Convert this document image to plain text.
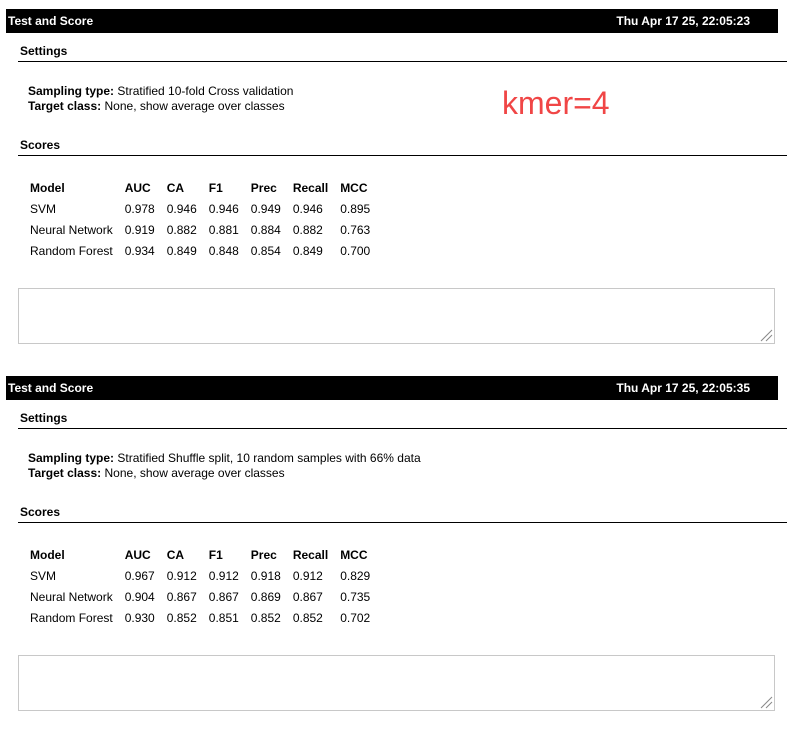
Test and Score	Thu Apr 17 25, 22:05:23
Settings
Sampling type: Stratified 10-fold Cross validation
Target class: None, show average over classes
Scores
Model	AUC	CA	F1	Prec	Recall	MCC
SVM	0.978	0.946	0.946	0.949	0.946	0.895
Neural Network	0.919	0.882	0.881	0.884	0.882	0.763
Random Forest	0.934	0.849	0.848	0.854	0.849	0.700
kmer=4
Test and Score	Thu Apr 17 25, 22:05:35
Settings
Sampling type: Stratified Shuffle split, 10 random samples with 66% data
Target class: None, show average over classes
Scores
Model	AUC	CA	F1	Prec	Recall	MCC
SVM	0.967	0.912	0.912	0.918	0.912	0.829
Neural Network	0.904	0.867	0.867	0.869	0.867	0.735
Random Forest	0.930	0.852	0.851	0.852	0.852	0.702
